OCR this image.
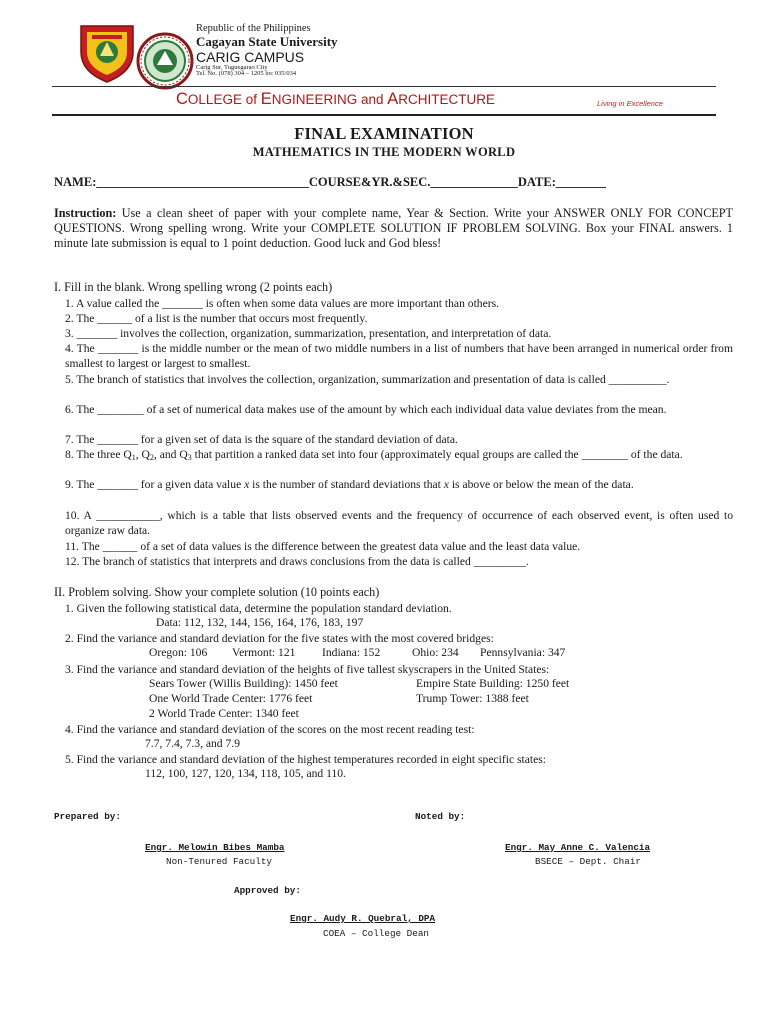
Republic of the Philippines
Cagayan State University
CARIG CAMPUS
Carig Sur, Tuguegarao City
Tel. No. (078) 304 – 1205 loc 035/034
COLLEGE of ENGINEERING and ARCHITECTURE	Living in Excellence
FINAL EXAMINATION
MATHEMATICS IN THE MODERN WORLD
NAME:__________________________________COURSE&YR.&SEC.______________DATE:________
Instruction: Use a clean sheet of paper with your complete name, Year & Section. Write your ANSWER ONLY FOR CONCEPT QUESTIONS. Wrong spelling wrong. Write your COMPLETE SOLUTION IF PROBLEM SOLVING. Box your FINAL answers. 1 minute late submission is equal to 1 point deduction. Good luck and God bless!
I. Fill in the blank. Wrong spelling wrong (2 points each)
1. A value called the _______ is often when some data values are more important than others.
2. The ______ of a list is the number that occurs most frequently.
3. _______ involves the collection, organization, summarization, presentation, and interpretation of data.
4. The _______ is the middle number or the mean of two middle numbers in a list of numbers that have been arranged in numerical order from smallest to largest or largest to smallest.
5. The branch of statistics that involves the collection, organization, summarization and presentation of data is called __________.
6. The ________ of a set of numerical data makes use of the amount by which each individual data value deviates from the mean.
7. The _______ for a given set of data is the square of the standard deviation of data.
8. The three Q1, Q2, and Q3 that partition a ranked data set into four (approximately equal groups are called the ________ of the data.
9. The _______ for a given data value x is the number of standard deviations that x is above or below the mean of the data.
10. A ___________, which is a table that lists observed events and the frequency of occurrence of each observed event, is often used to organize raw data.
11. The ______ of a set of data values is the difference between the greatest data value and the least data value.
12. The branch of statistics that interprets and draws conclusions from the data is called _________.
II. Problem solving. Show your complete solution (10 points each)
1. Given the following statistical data, determine the population standard deviation.
Data: 112, 132, 144, 156, 164, 176, 183, 197
2. Find the variance and standard deviation for the five states with the most covered bridges:
Oregon: 106 Vermont: 121 Indiana: 152	Ohio: 234 Pennsylvania: 347
3. Find the variance and standard deviation of the heights of five tallest skyscrapers in the United States:
Sears Tower (Willis Building): 1450 feet	Empire State Building: 1250 feet
One World Trade Center: 1776 feet	Trump Tower: 1388 feet
2 World Trade Center: 1340 feet
4. Find the variance and standard deviation of the scores on the most recent reading test:
7.7, 7.4, 7.3, and 7.9
5. Find the variance and standard deviation of the highest temperatures recorded in eight specific states:
112, 100, 127, 120, 134, 118, 105, and 110.
Prepared by:	Noted by:
Engr. Melowin Bibes Mamba
Non-Tenured Faculty
Engr. May Anne C. Valencia
BSECE – Dept. Chair
Approved by:
Engr. Audy R. Quebral, DPA
COEA – College Dean
